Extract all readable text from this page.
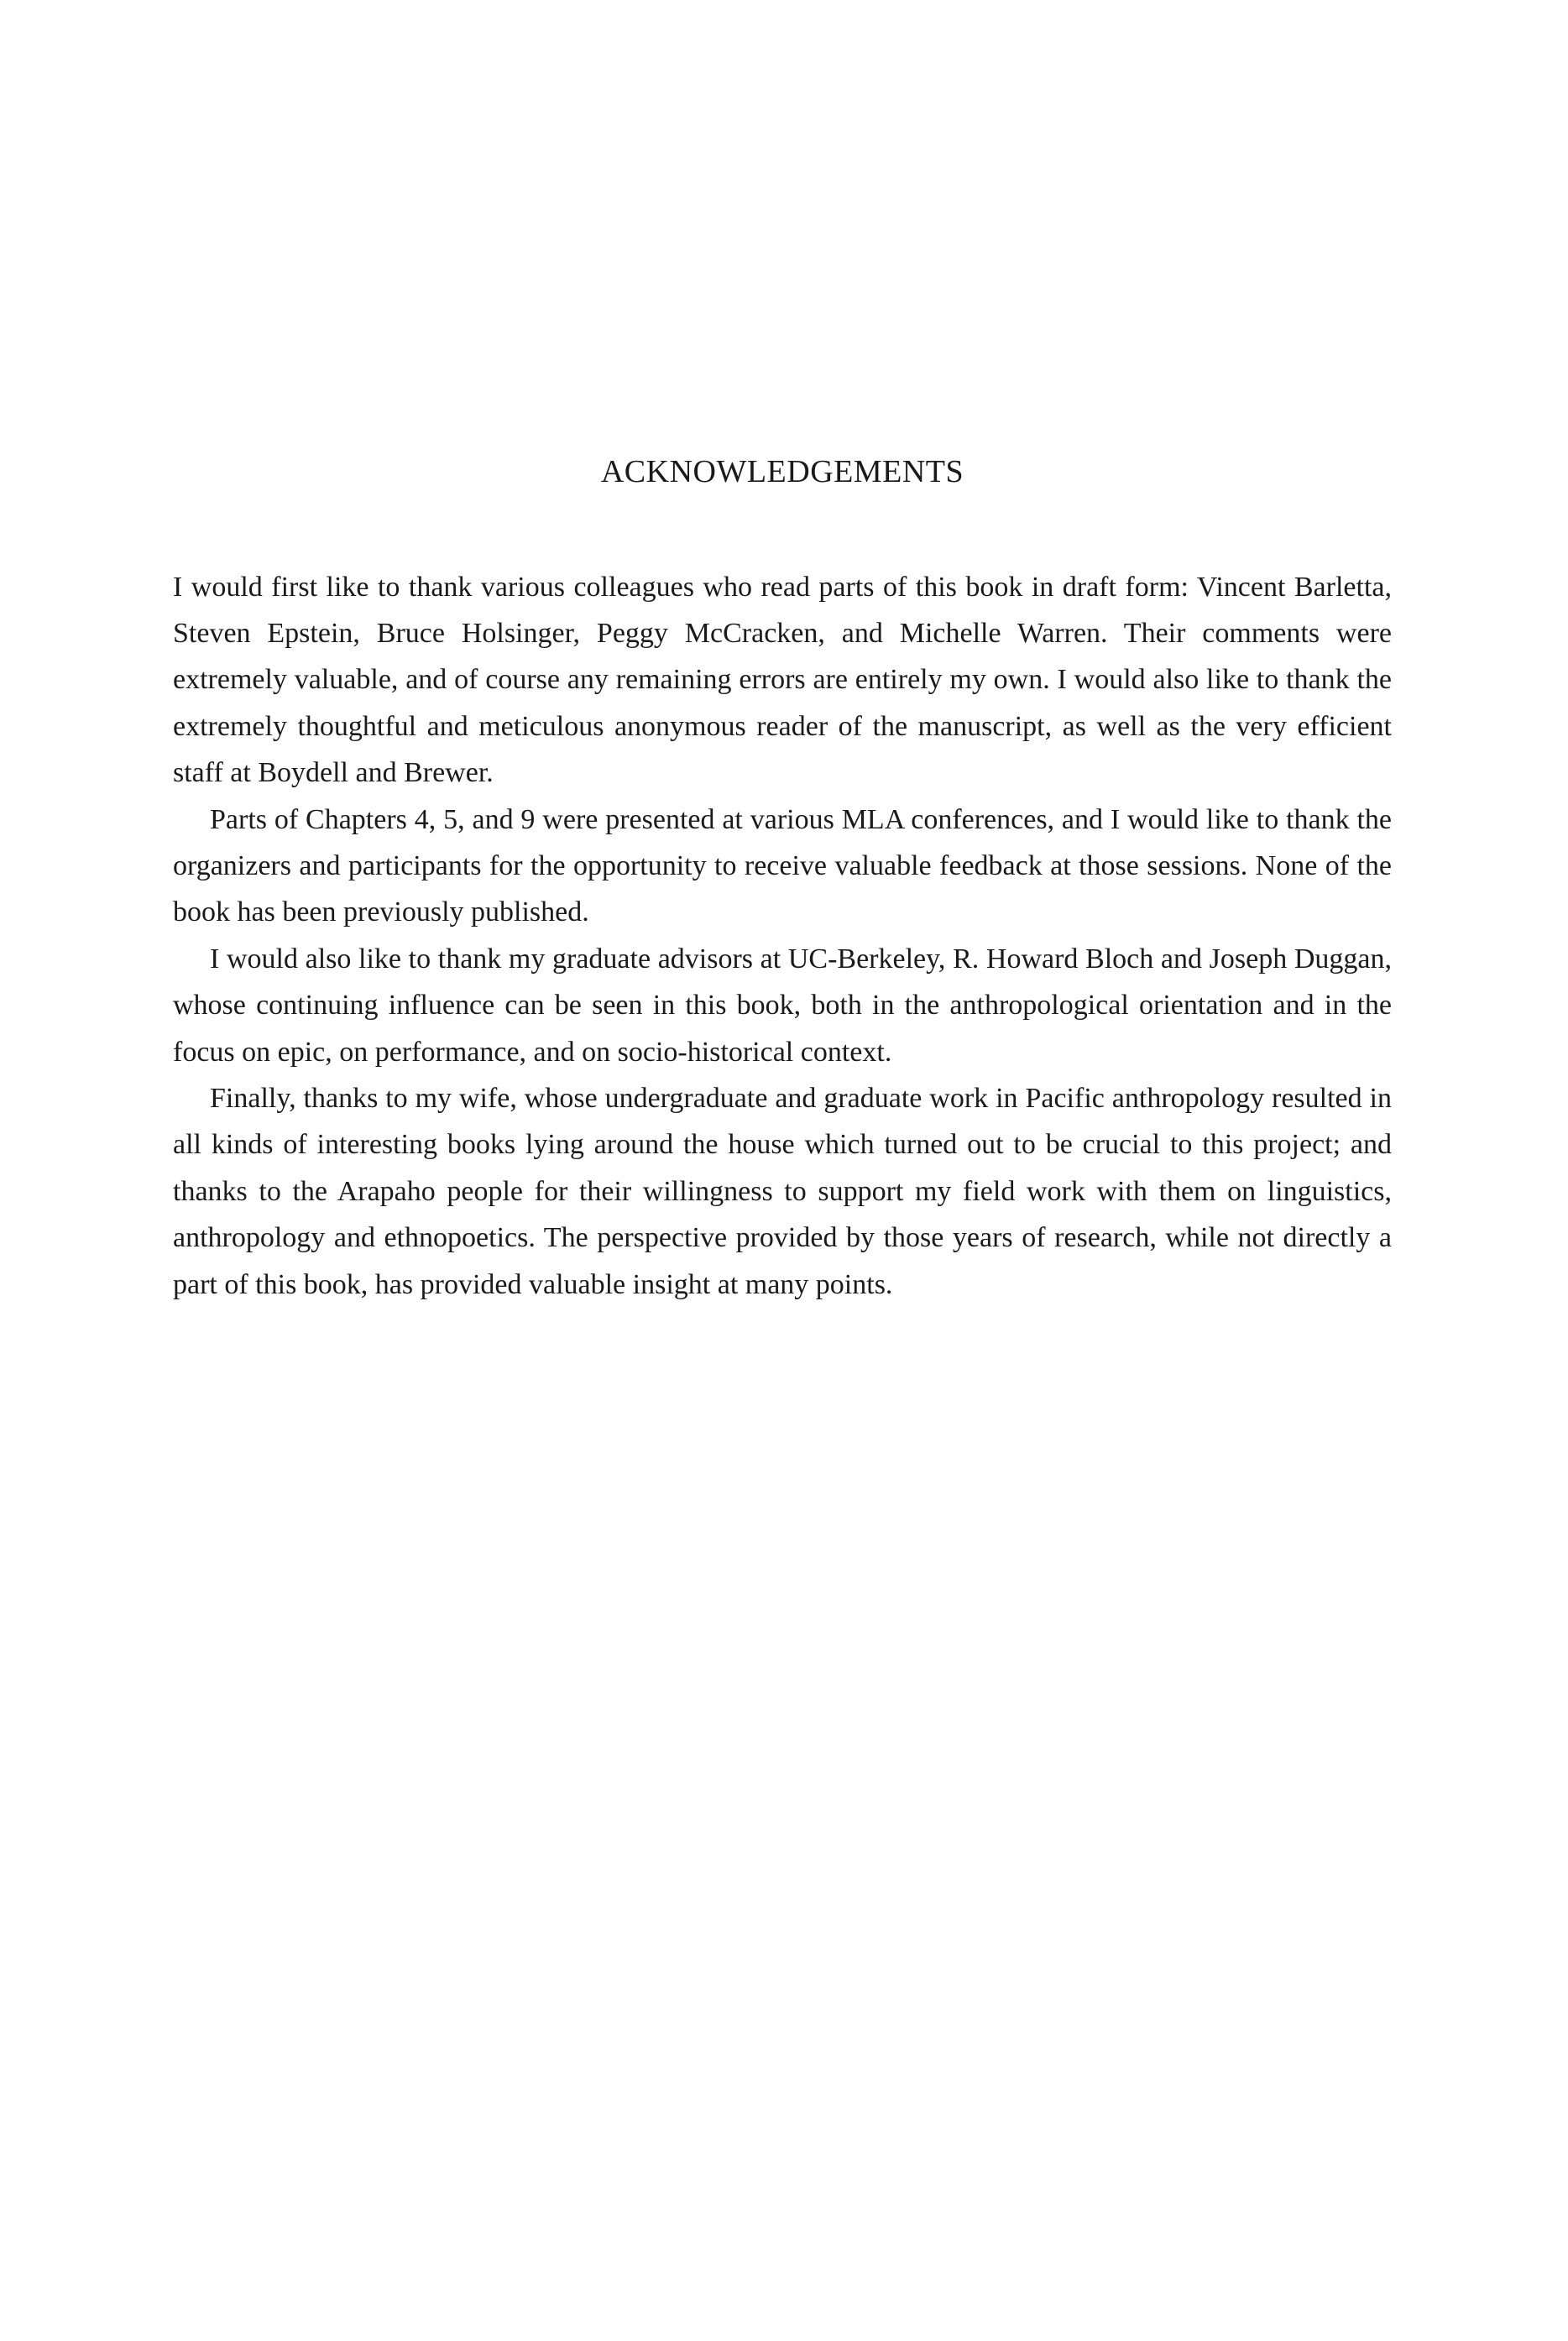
ACKNOWLEDGEMENTS

I would first like to thank various colleagues who read parts of this book in draft form: Vincent Barletta, Steven Epstein, Bruce Holsinger, Peggy McCracken, and Michelle Warren. Their comments were extremely valuable, and of course any remaining errors are entirely my own. I would also like to thank the extremely thoughtful and meticulous anonymous reader of the manuscript, as well as the very efficient staff at Boydell and Brewer.

Parts of Chapters 4, 5, and 9 were presented at various MLA conferences, and I would like to thank the organizers and participants for the opportunity to receive valuable feedback at those sessions. None of the book has been previously published.

I would also like to thank my graduate advisors at UC-Berkeley, R. Howard Bloch and Joseph Duggan, whose continuing influence can be seen in this book, both in the anthropological orientation and in the focus on epic, on performance, and on socio-historical context.

Finally, thanks to my wife, whose undergraduate and graduate work in Pacific anthropology resulted in all kinds of interesting books lying around the house which turned out to be crucial to this project; and thanks to the Arapaho people for their willingness to support my field work with them on linguistics, anthropology and ethnopoetics. The perspective provided by those years of research, while not directly a part of this book, has provided valuable insight at many points.
